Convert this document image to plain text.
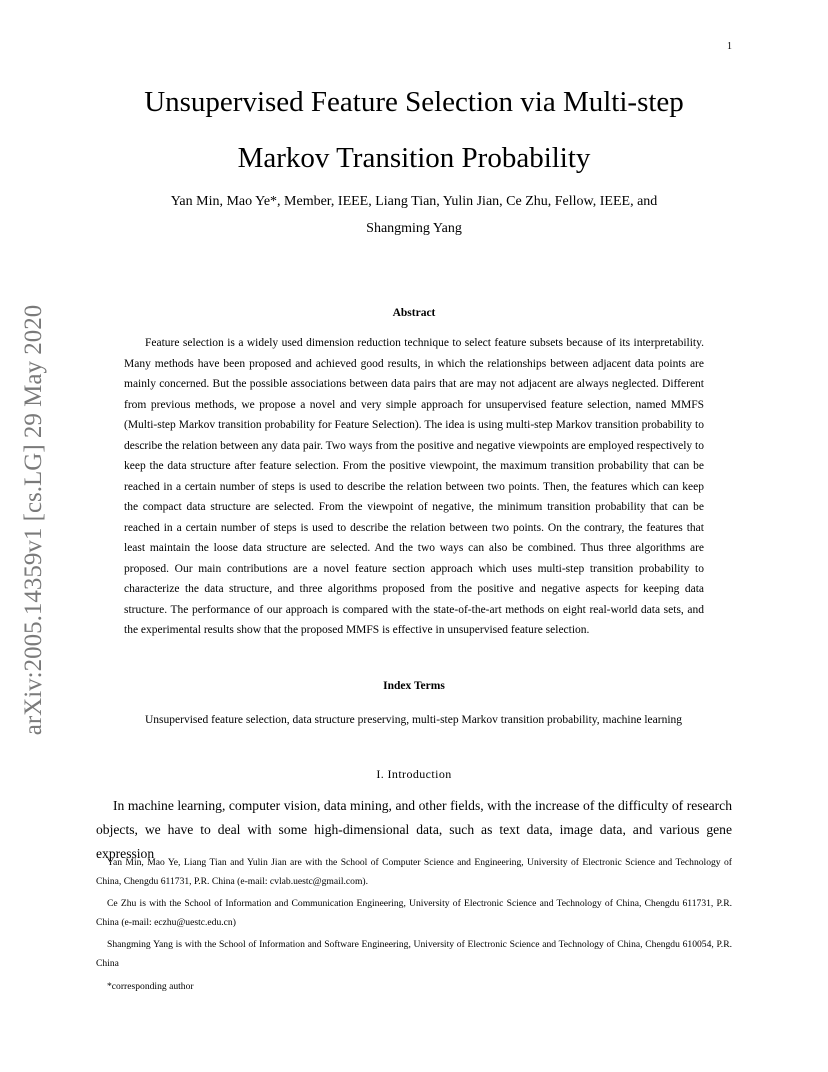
1
Unsupervised Feature Selection via Multi-step
Markov Transition Probability
Yan Min, Mao Ye*, Member, IEEE, Liang Tian, Yulin Jian, Ce Zhu, Fellow, IEEE, and
Shangming Yang
arXiv:2005.14359v1 [cs.LG] 29 May 2020	Abstract

Feature selection is a widely used dimension reduction technique to select feature subsets because of its interpretability. Many methods have been proposed and achieved good results, in which the relationships between adjacent data points are mainly concerned. But the possible associations between data pairs that are may not adjacent are always neglected. Different from previous methods, we propose a novel and very simple approach for unsupervised feature selection, named MMFS (Multi-step Markov transition probability for Feature Selection). The idea is using multi-step Markov transition probability to describe the relation between any data pair. Two ways from the positive and negative viewpoints are employed respectively to keep the data structure after feature selection. From the positive viewpoint, the maximum transition probability that can be reached in a certain number of steps is used to describe the relation between two points. Then, the features which can keep the compact data structure are selected. From the viewpoint of negative, the minimum transition probability that can be reached in a certain number of steps is used to describe the relation between two points. On the contrary, the features that least maintain the loose data structure are selected. And the two ways can also be combined. Thus three algorithms are proposed. Our main contributions are a novel feature section approach which uses multi-step transition probability to characterize the data structure, and three algorithms proposed from the positive and negative aspects for keeping data structure. The performance of our approach is compared with the state-of-the-art methods on eight real-world data sets, and the experimental results show that the proposed MMFS is effective in unsupervised feature selection.

Index Terms

Unsupervised feature selection, data structure preserving, multi-step Markov transition probability, machine learning

I. Introduction

In machine learning, computer vision, data mining, and other fields, with the increase of the difficulty of research objects, we have to deal with some high-dimensional data, such as text data, image data, and various gene expression

Yan Min, Mao Ye, Liang Tian and Yulin Jian are with the School of Computer Science and Engineering, University of Electronic Science and Technology of China, Chengdu 611731, P.R. China (e-mail: cvlab.uestc@gmail.com).

Ce Zhu is with the School of Information and Communication Engineering, University of Electronic Science and Technology of China, Chengdu 611731, P.R. China (e-mail: eczhu@uestc.edu.cn)

Shangming Yang is with the School of Information and Software Engineering, University of Electronic Science and Technology of China, Chengdu 610054, P.R. China

*corresponding author
